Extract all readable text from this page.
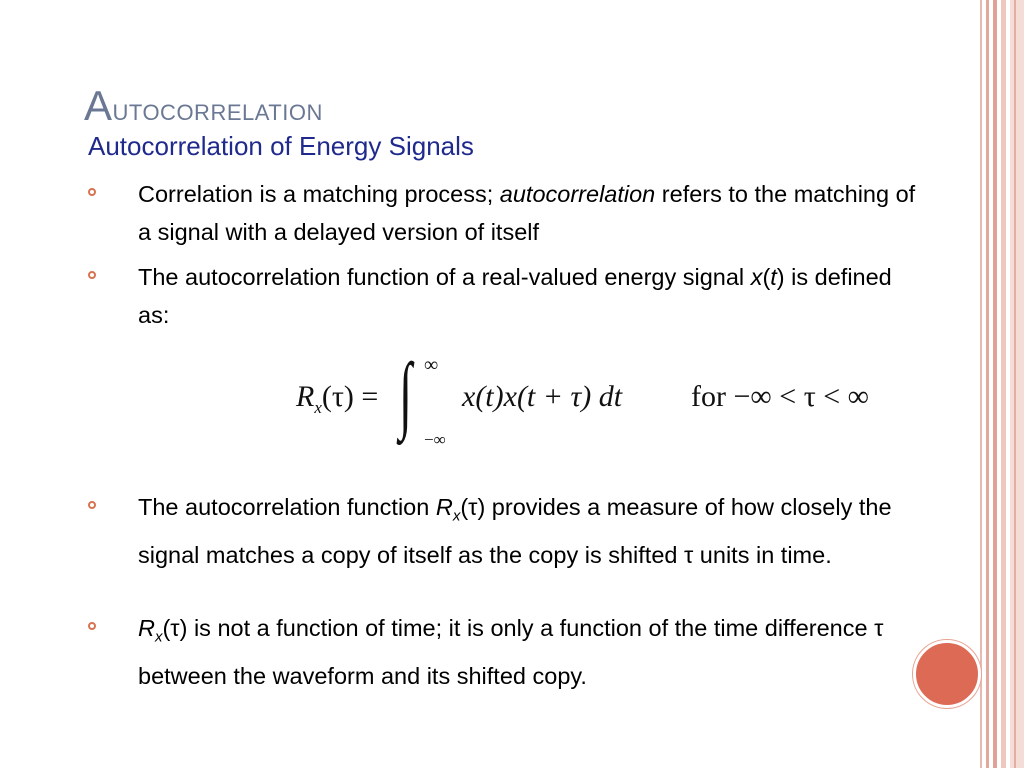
Autocorrelation
Autocorrelation of Energy Signals
Correlation is a matching process; autocorrelation refers to the matching of a signal with a delayed version of itself
The autocorrelation function of a real-valued energy signal x(t) is defined as:
$R_x(\tau)$ = ∫ ∞
−∞
x(t)x(t + τ) dt for −∞ < τ < ∞
The autocorrelation function $R_x(\tau)$ provides a measure of how closely the signal matches a copy of itself as the copy is shifted τ units in time.
$R_x(\tau)$ is not a function of time; it is only a function of the time difference τ between the waveform and its shifted copy.
